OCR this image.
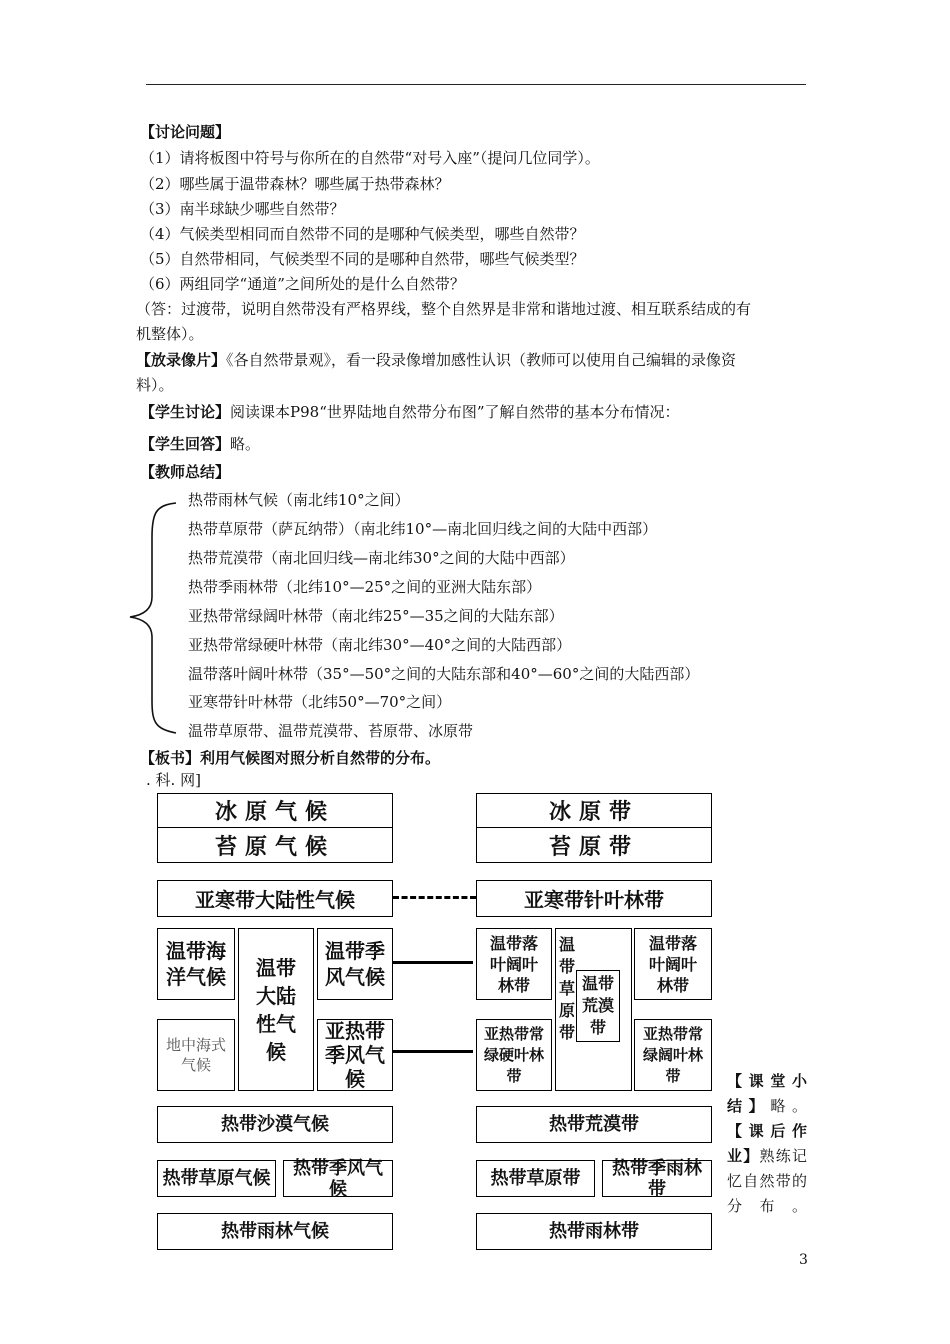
【讨论问题】
（1）请将板图中符号与你所在的自然带“对号入座”（提问几位同学）。
（2）哪些属于温带森林？哪些属于热带森林？
（3）南半球缺少哪些自然带？
（4）气候类型相同而自然带不同的是哪种气候类型，哪些自然带？
（5）自然带相同，气候类型不同的是哪种自然带，哪些气候类型？
（6）两组同学“通道”之间所处的是什么自然带？
（答：过渡带，说明自然带没有严格界线，整个自然界是非常和谐地过渡、相互联系结成的有
机整体）。
【放录像片】《各自然带景观》，看一段录像增加感性认识（教师可以使用自己编辑的录像资
料）。
【学生讨论】阅读课本P98“世界陆地自然带分布图”了解自然带的基本分布情况：
【学生回答】略。
【教师总结】
热带雨林气候（南北纬10°之间）
热带草原带（萨瓦纳带）（南北纬10°—南北回归线之间的大陆中西部）
热带荒漠带（南北回归线—南北纬30°之间的大陆中西部）
热带季雨林带（北纬10°—25°之间的亚洲大陆东部）
亚热带常绿阔叶林带（南北纬25°—35之间的大陆东部）
亚热带常绿硬叶林带（南北纬30°—40°之间的大陆西部）
温带落叶阔叶林带（35°—50°之间的大陆东部和40°—60°之间的大陆西部）
亚寒带针叶林带（北纬50°—70°之间）
温带草原带、温带荒漠带、苔原带、冰原带
【板书】利用气候图对照分析自然带的分布。
. 科. 网]
冰原气候
苔原气候
亚寒带大陆性气候
温带海洋气候 温带大陆性气候
温带季风气候
地中海式气候
亚热带季风气候
热带沙漠气候
热带草原气候	热带季风气候
热带雨林气候
冰原带
苔原带
亚寒带针叶林带
温带落叶阔叶林带
温带草原带
温带荒漠带
温带落叶阔叶林带
亚热带常绿硬叶林带
亚热带常绿阔叶林带
热带荒漠带
热带草原带	热带季雨林带
热带雨林带
【课堂小结】略。
【课后作业】熟练记忆自然带的分布。
3
